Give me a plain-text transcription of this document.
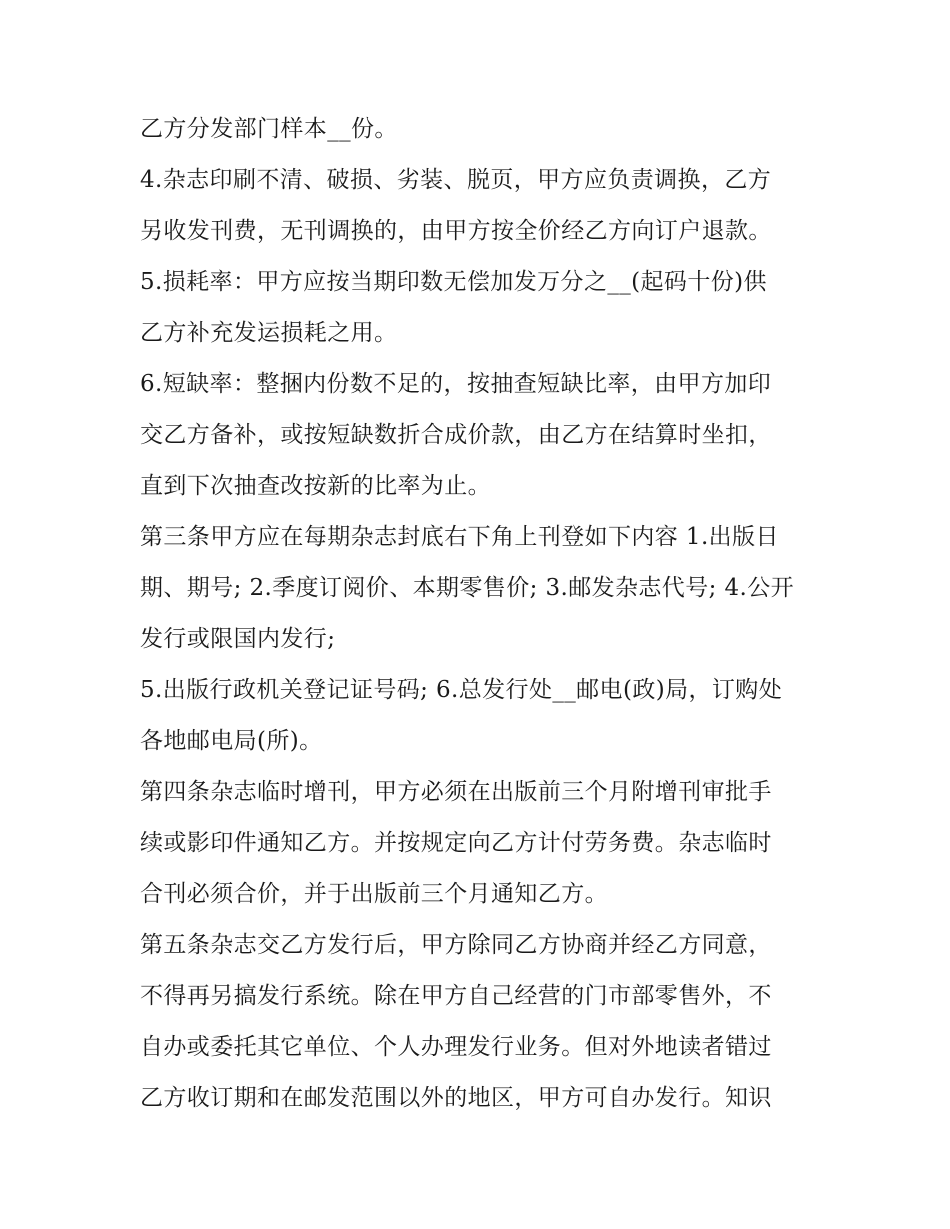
乙方分发部门样本__份。
4.杂志印刷不清、破损、劣装、脱页，甲方应负责调换，乙方
另收发刊费，无刊调换的，由甲方按全价经乙方向订户退款。
5.损耗率：甲方应按当期印数无偿加发万分之__(起码十份)供
乙方补充发运损耗之用。
6.短缺率：整捆内份数不足的，按抽查短缺比率，由甲方加印
交乙方备补，或按短缺数折合成价款，由乙方在结算时坐扣，
直到下次抽查改按新的比率为止。
第三条甲方应在每期杂志封底右下角上刊登如下内容 1.出版日
期、期号; 2.季度订阅价、本期零售价; 3.邮发杂志代号; 4.公开
发行或限国内发行;
5.出版行政机关登记证号码; 6.总发行处__邮电(政)局，订购处
各地邮电局(所)。
第四条杂志临时增刊，甲方必须在出版前三个月附增刊审批手
续或影印件通知乙方。并按规定向乙方计付劳务费。杂志临时
合刊必须合价，并于出版前三个月通知乙方。
第五条杂志交乙方发行后，甲方除同乙方协商并经乙方同意，
不得再另搞发行系统。除在甲方自己经营的门市部零售外，不
自办或委托其它单位、个人办理发行业务。但对外地读者错过
乙方收订期和在邮发范围以外的地区，甲方可自办发行。知识
